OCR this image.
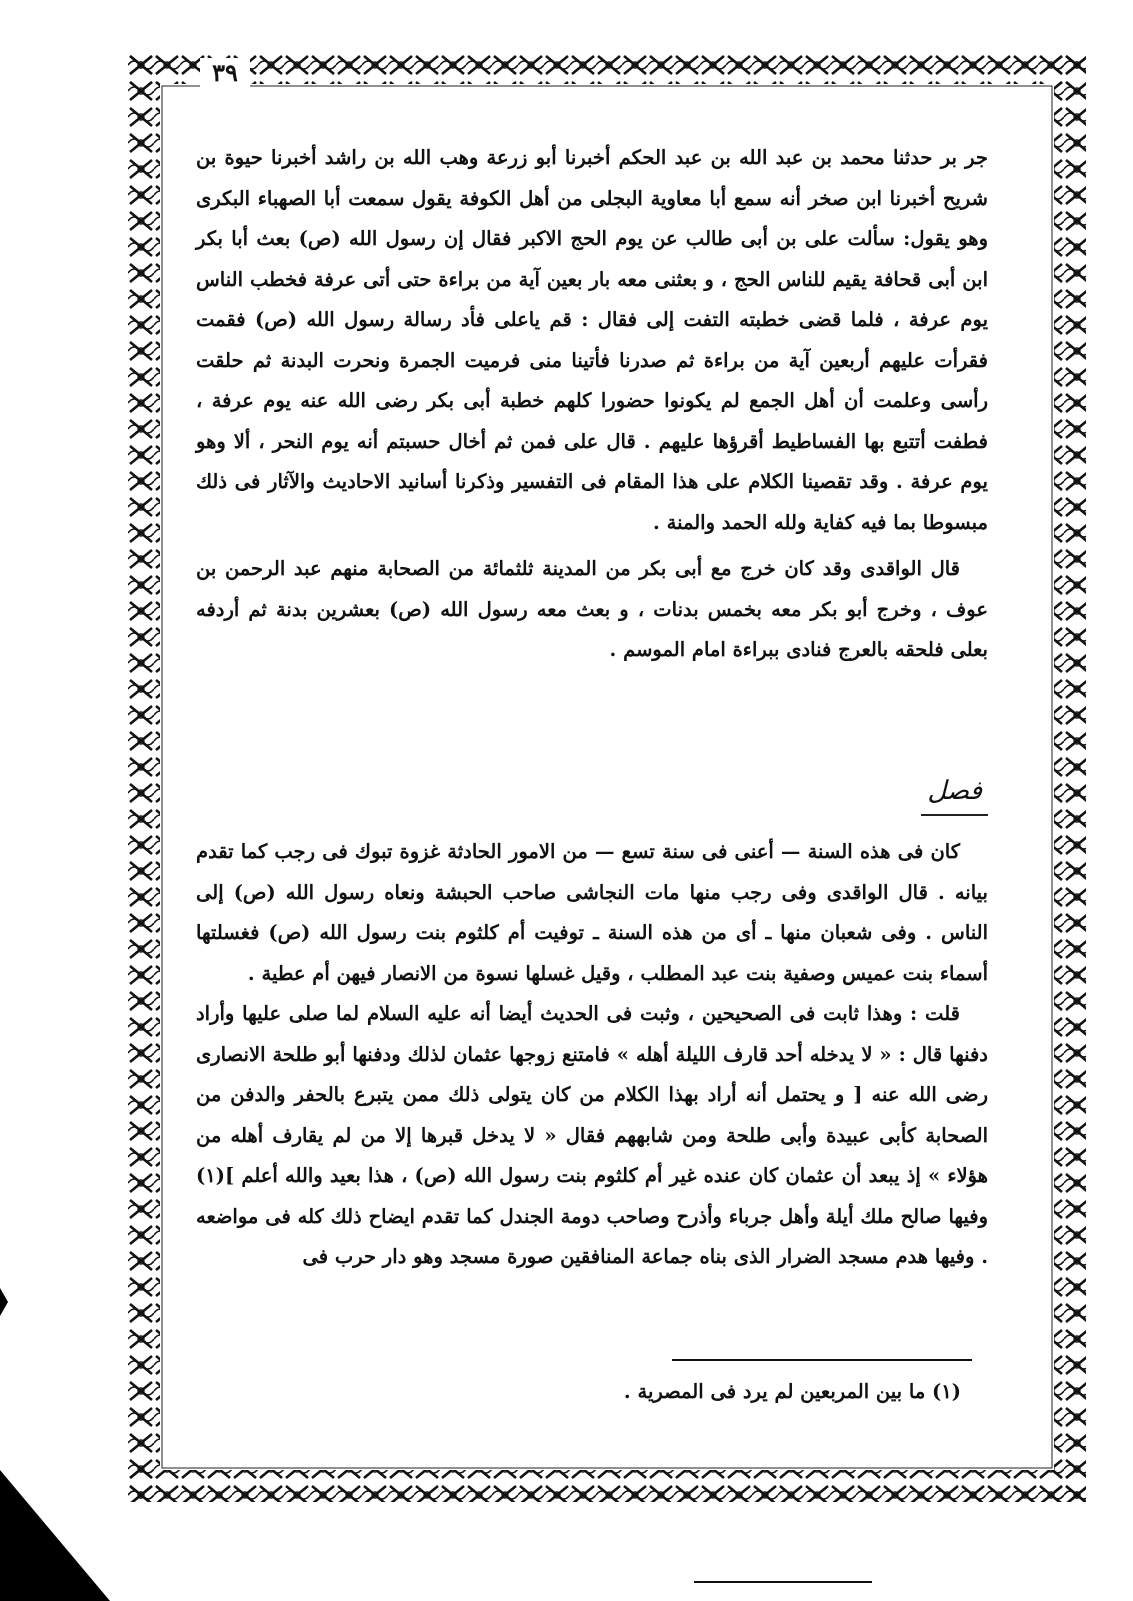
٣٩

جر بر حدثنا محمد بن عبد الله بن عبد الحكم أخبرنا أبو زرعة وهب الله بن راشد أخبرنا حيوة بن شريح أخبرنا ابن صخر أنه سمع أبا معاوية البجلى من أهل الكوفة يقول سمعت أبا الصهباء البكرى وهو يقول: سألت على بن أبى طالب عن يوم الحج الاكبر فقال إن رسول الله (ص) بعث أبا بكر ابن أبى قحافة يقيم للناس الحج ، و بعثنى معه بار بعين آية من براءة حتى أتى عرفة فخطب الناس يوم عرفة ، فلما قضى خطبته التفت إلى فقال : قم ياعلى فأد رسالة رسول الله (ص) فقمت فقرأت عليهم أربعين آية من براءة ثم صدرنا فأتينا منى فرميت الجمرة ونحرت البدنة ثم حلقت رأسى وعلمت أن أهل الجمع لم يكونوا حضورا كلهم خطبة أبى بكر رضى الله عنه يوم عرفة ، فطفت أتتبع بها الفساطيط أقرؤها عليهم . قال على فمن ثم أخال حسبتم أنه يوم النحر ، ألا وهو يوم عرفة . وقد تقصينا الكلام على هذا المقام فى التفسير وذكرنا أسانيد الاحاديث والآثار فى ذلك مبسوطا بما فيه كفاية ولله الحمد والمنة .

قال الواقدى وقد كان خرج مع أبى بكر من المدينة ثلثمائة من الصحابة منهم عبد الرحمن بن عوف ، وخرج أبو بكر معه بخمس بدنات ، و بعث معه رسول الله (ص) بعشرين بدنة ثم أردفه بعلى فلحقه بالعرج فنادى ببراءة امام الموسم .

فصل

كان فى هذه السنة — أعنى فى سنة تسع — من الامور الحادثة غزوة تبوك فى رجب كما تقدم بيانه . قال الواقدى وفى رجب منها مات النجاشى صاحب الحبشة ونعاه رسول الله (ص) إلى الناس . وفى شعبان منها ـ أى من هذه السنة ـ توفيت أم كلثوم بنت رسول الله (ص) فغسلتها أسماء بنت عميس وصفية بنت عبد المطلب ، وقيل غسلها نسوة من الانصار فيهن أم عطية .

قلت : وهذا ثابت فى الصحيحين ، وثبت فى الحديث أيضا أنه عليه السلام لما صلى عليها وأراد دفنها قال : « لا يدخله أحد قارف الليلة أهله » فامتنع زوجها عثمان لذلك ودفنها أبو طلحة الانصارى رضى الله عنه [ و يحتمل أنه أراد بهذا الكلام من كان يتولى ذلك ممن يتبرع بالحفر والدفن من الصحابة كأبى عبيدة وأبى طلحة ومن شابههم فقال « لا يدخل قبرها إلا من لم يقارف أهله من هؤلاء » إذ يبعد أن عثمان كان عنده غير أم كلثوم بنت رسول الله (ص) ، هذا بعيد والله أعلم ](١) وفيها صالح ملك أيلة وأهل جرباء وأذرح وصاحب دومة الجندل كما تقدم ايضاح ذلك كله فى مواضعه . وفيها هدم مسجد الضرار الذى بناه جماعة المنافقين صورة مسجد وهو دار حرب فى

(١) ما بين المربعين لم يرد فى المصرية .
